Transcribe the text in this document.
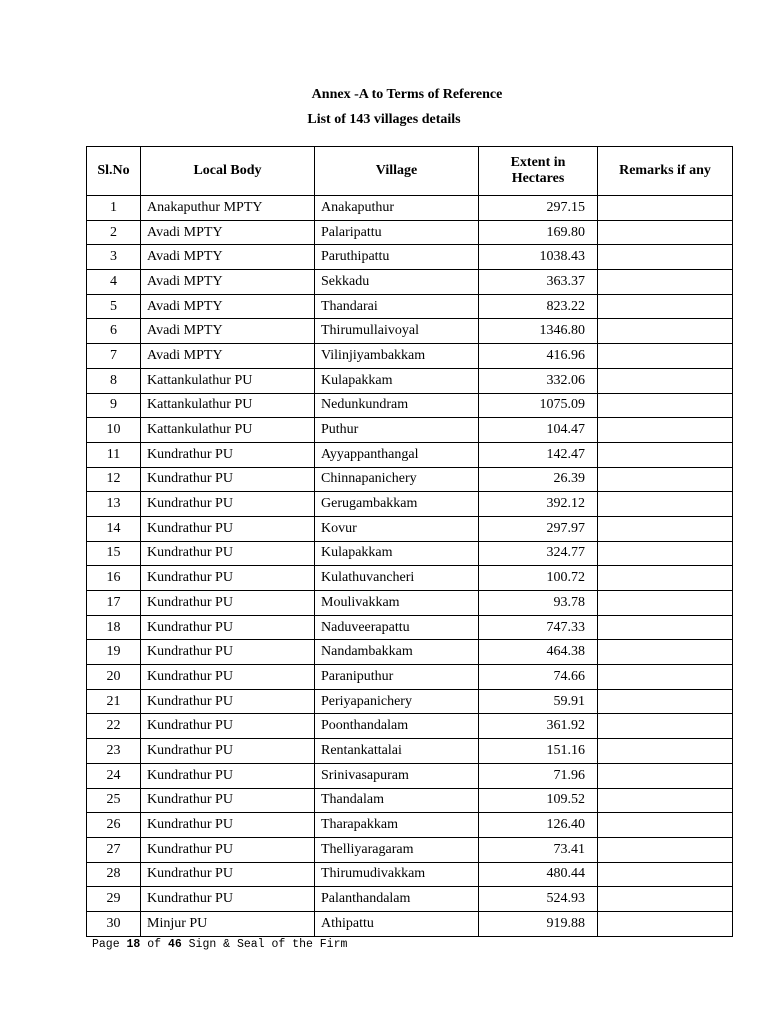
Annex -A to Terms of Reference
List of 143 villages details
Sl.No	Local Body	Village	Extent in Hectares	Remarks if any
1	Anakaputhur MPTY	Anakaputhur	297.15	
2	Avadi MPTY	Palaripattu	169.80	
3	Avadi MPTY	Paruthipattu	1038.43	
4	Avadi MPTY	Sekkadu	363.37	
5	Avadi MPTY	Thandarai	823.22	
6	Avadi MPTY	Thirumullaivoyal	1346.80	
7	Avadi MPTY	Vilinjiyambakkam	416.96	
8	Kattankulathur PU	Kulapakkam	332.06	
9	Kattankulathur PU	Nedunkundram	1075.09	
10	Kattankulathur PU	Puthur	104.47	
11	Kundrathur PU	Ayyappanthangal	142.47	
12	Kundrathur PU	Chinnapanichery	26.39	
13	Kundrathur PU	Gerugambakkam	392.12	
14	Kundrathur PU	Kovur	297.97	
15	Kundrathur PU	Kulapakkam	324.77	
16	Kundrathur PU	Kulathuvancheri	100.72	
17	Kundrathur PU	Moulivakkam	93.78	
18	Kundrathur PU	Naduveerapattu	747.33	
19	Kundrathur PU	Nandambakkam	464.38	
20	Kundrathur PU	Paraniputhur	74.66	
21	Kundrathur PU	Periyapanichery	59.91	
22	Kundrathur PU	Poonthandalam	361.92	
23	Kundrathur PU	Rentankattalai	151.16	
24	Kundrathur PU	Srinivasapuram	71.96	
25	Kundrathur PU	Thandalam	109.52	
26	Kundrathur PU	Tharapakkam	126.40	
27	Kundrathur PU	Thelliyaragaram	73.41	
28	Kundrathur PU	Thirumudivakkam	480.44	
29	Kundrathur PU	Palanthandalam	524.93	
30	Minjur PU	Athipattu	919.88	
Page 18 of 46 Sign & Seal of the Firm
